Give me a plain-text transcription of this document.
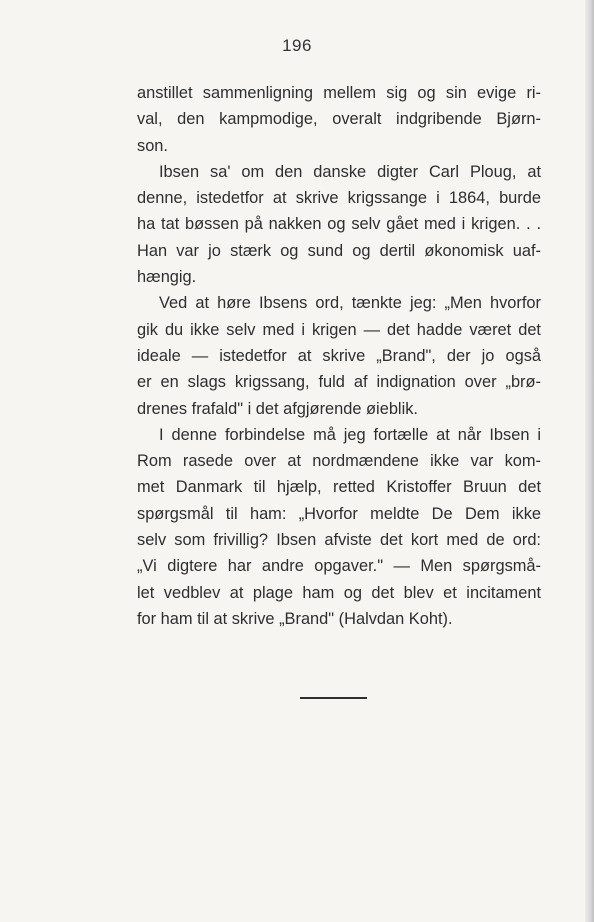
196
anstillet sammenligning mellem sig og sin evige ri-
val, den kampmodige, overalt indgribende Bjørn-
son.
Ibsen sa' om den danske digter Carl Ploug, at
denne, istedetfor at skrive krigssange i 1864, burde
ha tat bøssen på nakken og selv gået med i krigen. . .
Han var jo stærk og sund og dertil økonomisk uaf-
hængig.
Ved at høre Ibsens ord, tænkte jeg: „Men hvorfor
gik du ikke selv med i krigen — det hadde været det
ideale — istedetfor at skrive „Brand", der jo også
er en slags krigssang, fuld af indignation over „brø-
drenes frafald" i det afgjørende øieblik.
I denne forbindelse må jeg fortælle at når Ibsen i
Rom rasede over at nordmændene ikke var kom-
met Danmark til hjælp, retted Kristoffer Bruun det
spørgsmål til ham: „Hvorfor meldte De Dem ikke
selv som frivillig? Ibsen afviste det kort med de ord:
„Vi digtere har andre opgaver." — Men spørgsmå-
let vedblev at plage ham og det blev et incitament
for ham til at skrive „Brand" (Halvdan Koht).
